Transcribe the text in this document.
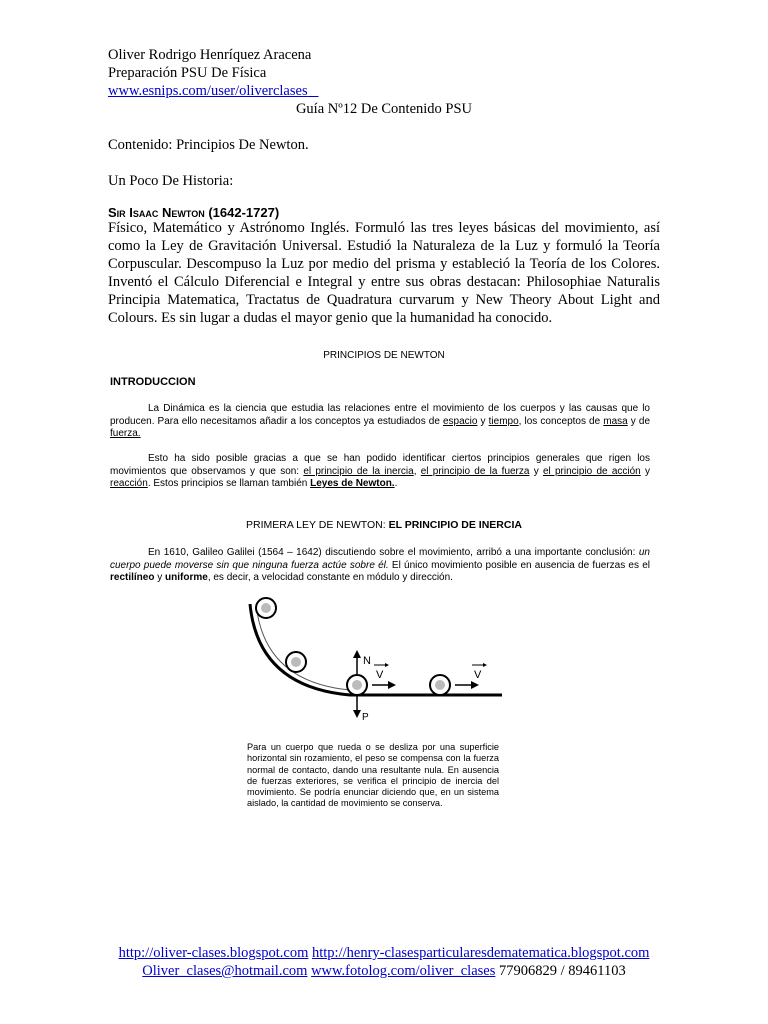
Oliver Rodrigo Henríquez Aracena
Preparación PSU De Física
www.esnips.com/user/oliverclases
Guía Nº12 De Contenido PSU
Contenido: Principios De Newton.
Un Poco De Historia:
Sir Isaac Newton (1642-1727)
Físico, Matemático y Astrónomo Inglés. Formuló las tres leyes básicas del movimiento, así como la Ley de Gravitación Universal. Estudió la Naturaleza de la Luz y formuló la Teoría Corpuscular. Descompuso la Luz por medio del prisma y estableció la Teoría de los Colores. Inventó el Cálculo Diferencial e Integral y entre sus obras destacan: Philosophiae Naturalis Principia Matematica, Tractatus de Quadratura curvarum y New Theory About Light and Colours. Es sin lugar a dudas el mayor genio que la humanidad ha conocido.
PRINCIPIOS DE NEWTON
INTRODUCCION
La Dinámica es la ciencia que estudia las relaciones entre el movimiento de los cuerpos y las causas que lo producen. Para ello necesitamos añadir a los conceptos ya estudiados de espacio y tiempo, los conceptos de masa y de fuerza.
Esto ha sido posible gracias a que se han podido identificar ciertos principios generales que rigen los movimientos que observamos y que son: el principio de la inercia, el principio de la fuerza y el principio de acción y reacción. Estos principios se llaman también Leyes de Newton..
PRIMERA LEY DE NEWTON: EL PRINCIPIO DE INERCIA
En 1610, Galileo Galilei (1564 – 1642) discutiendo sobre el movimiento, arribó a una importante conclusión: un cuerpo puede moverse sin que ninguna fuerza actúe sobre él. El único movimiento posible en ausencia de fuerzas es el rectilíneo y uniforme, es decir, a velocidad constante en módulo y dirección.
N
P
V	V
Para un cuerpo que rueda o se desliza por una superficie horizontal sin rozamiento, el peso se compensa con la fuerza normal de contacto, dando una resultante nula. En ausencia de fuerzas exteriores, se verifica el principio de inercia del movimiento. Se podría enunciar diciendo que, en un sistema aislado, la cantidad de movimiento se conserva.
http://oliver-clases.blogspot.com http://henry-clasesparticularesdematematica.blogspot.com
Oliver_clases@hotmail.com www.fotolog.com/oliver_clases 77906829 / 89461103
